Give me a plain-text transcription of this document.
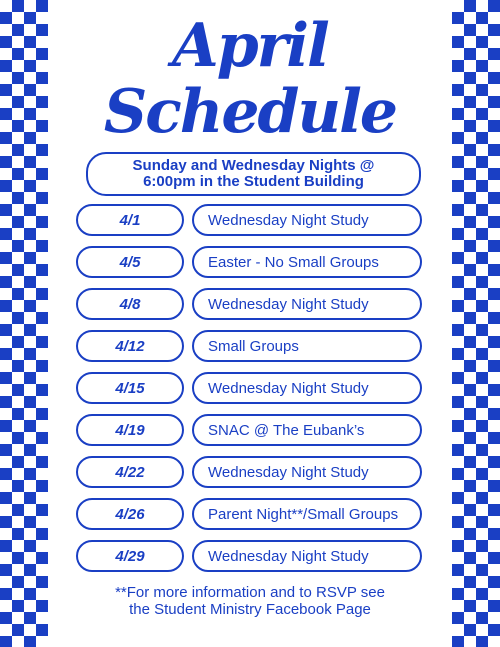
April
Schedule
Sunday and Wednesday Nights @
6:00pm in the Student Building
4/1	Wednesday Night Study
4/5	Easter - No Small Groups
4/8	Wednesday Night Study
4/12	Small Groups
4/15	Wednesday Night Study
4/19	SNAC @ The Eubank’s
4/22	Wednesday Night Study
4/26	Parent Night**/Small Groups
4/29	Wednesday Night Study
**For more information and to RSVP see
the Student Ministry Facebook Page
